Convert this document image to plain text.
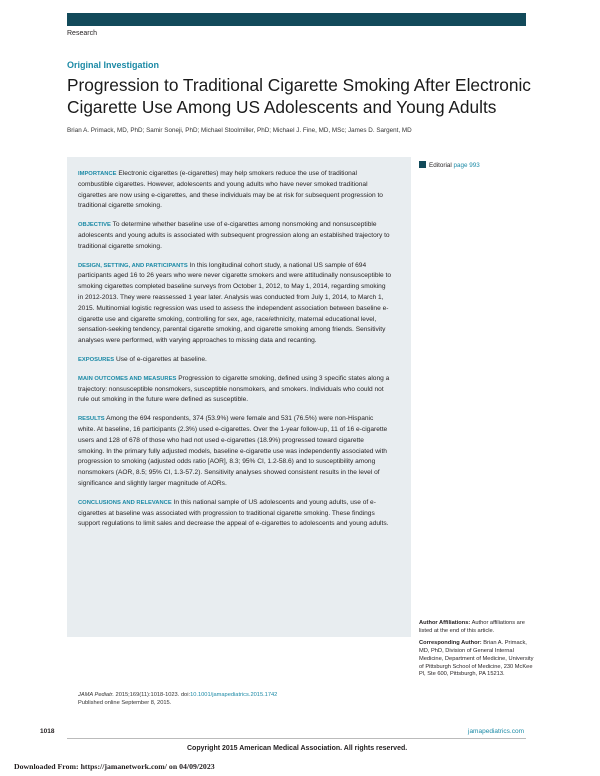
Research
Original Investigation
Progression to Traditional Cigarette Smoking After Electronic Cigarette Use Among US Adolescents and Young Adults
Brian A. Primack, MD, PhD; Samir Soneji, PhD; Michael Stoolmiller, PhD; Michael J. Fine, MD, MSc; James D. Sargent, MD

IMPORTANCE Electronic cigarettes (e-cigarettes) may help smokers reduce the use of traditional combustible cigarettes. However, adolescents and young adults who have never smoked traditional cigarettes are now using e-cigarettes, and these individuals may be at risk for subsequent progression to traditional cigarette smoking.

OBJECTIVE To determine whether baseline use of e-cigarettes among nonsmoking and nonsusceptible adolescents and young adults is associated with subsequent progression along an established trajectory to traditional cigarette smoking.

DESIGN, SETTING, AND PARTICIPANTS In this longitudinal cohort study, a national US sample of 694 participants aged 16 to 26 years who were never cigarette smokers and were attitudinally nonsusceptible to smoking cigarettes completed baseline surveys from October 1, 2012, to May 1, 2014, regarding smoking in 2012-2013. They were reassessed 1 year later. Analysis was conducted from July 1, 2014, to March 1, 2015. Multinomial logistic regression was used to assess the independent association between baseline e-cigarette use and cigarette smoking, controlling for sex, age, race/ethnicity, maternal educational level, sensation-seeking tendency, parental cigarette smoking, and cigarette smoking among friends. Sensitivity analyses were performed, with varying approaches to missing data and recanting.

EXPOSURES Use of e-cigarettes at baseline.

MAIN OUTCOMES AND MEASURES Progression to cigarette smoking, defined using 3 specific states along a trajectory: nonsusceptible nonsmokers, susceptible nonsmokers, and smokers. Individuals who could not rule out smoking in the future were defined as susceptible.

RESULTS Among the 694 respondents, 374 (53.9%) were female and 531 (76.5%) were non-Hispanic white. At baseline, 16 participants (2.3%) used e-cigarettes. Over the 1-year follow-up, 11 of 16 e-cigarette users and 128 of 678 of those who had not used e-cigarettes (18.9%) progressed toward cigarette smoking. In the primary fully adjusted models, baseline e-cigarette use was independently associated with progression to smoking (adjusted odds ratio [AOR], 8.3; 95% CI, 1.2-58.6) and to susceptibility among nonsmokers (AOR, 8.5; 95% CI, 1.3-57.2). Sensitivity analyses showed consistent results in the level of significance and slightly larger magnitude of AORs.

CONCLUSIONS AND RELEVANCE In this national sample of US adolescents and young adults, use of e-cigarettes at baseline was associated with progression to traditional cigarette smoking. These findings support regulations to limit sales and decrease the appeal of e-cigarettes to adolescents and young adults.

Editorial page 993

Author Affiliations: Author affiliations are listed at the end of this article.

Corresponding Author: Brian A. Primack, MD, PhD, Division of General Internal Medicine, Department of Medicine, University of Pittsburgh School of Medicine, 230 McKee Pl, Ste 600, Pittsburgh, PA 15213.

JAMA Pediatr. 2015;169(11):1018-1023. doi:10.1001/jamapediatrics.2015.1742
Published online September 8, 2015.
1018	jamapediatrics.com
Copyright 2015 American Medical Association. All rights reserved.
Downloaded From: https://jamanetwork.com/ on 04/09/2023
